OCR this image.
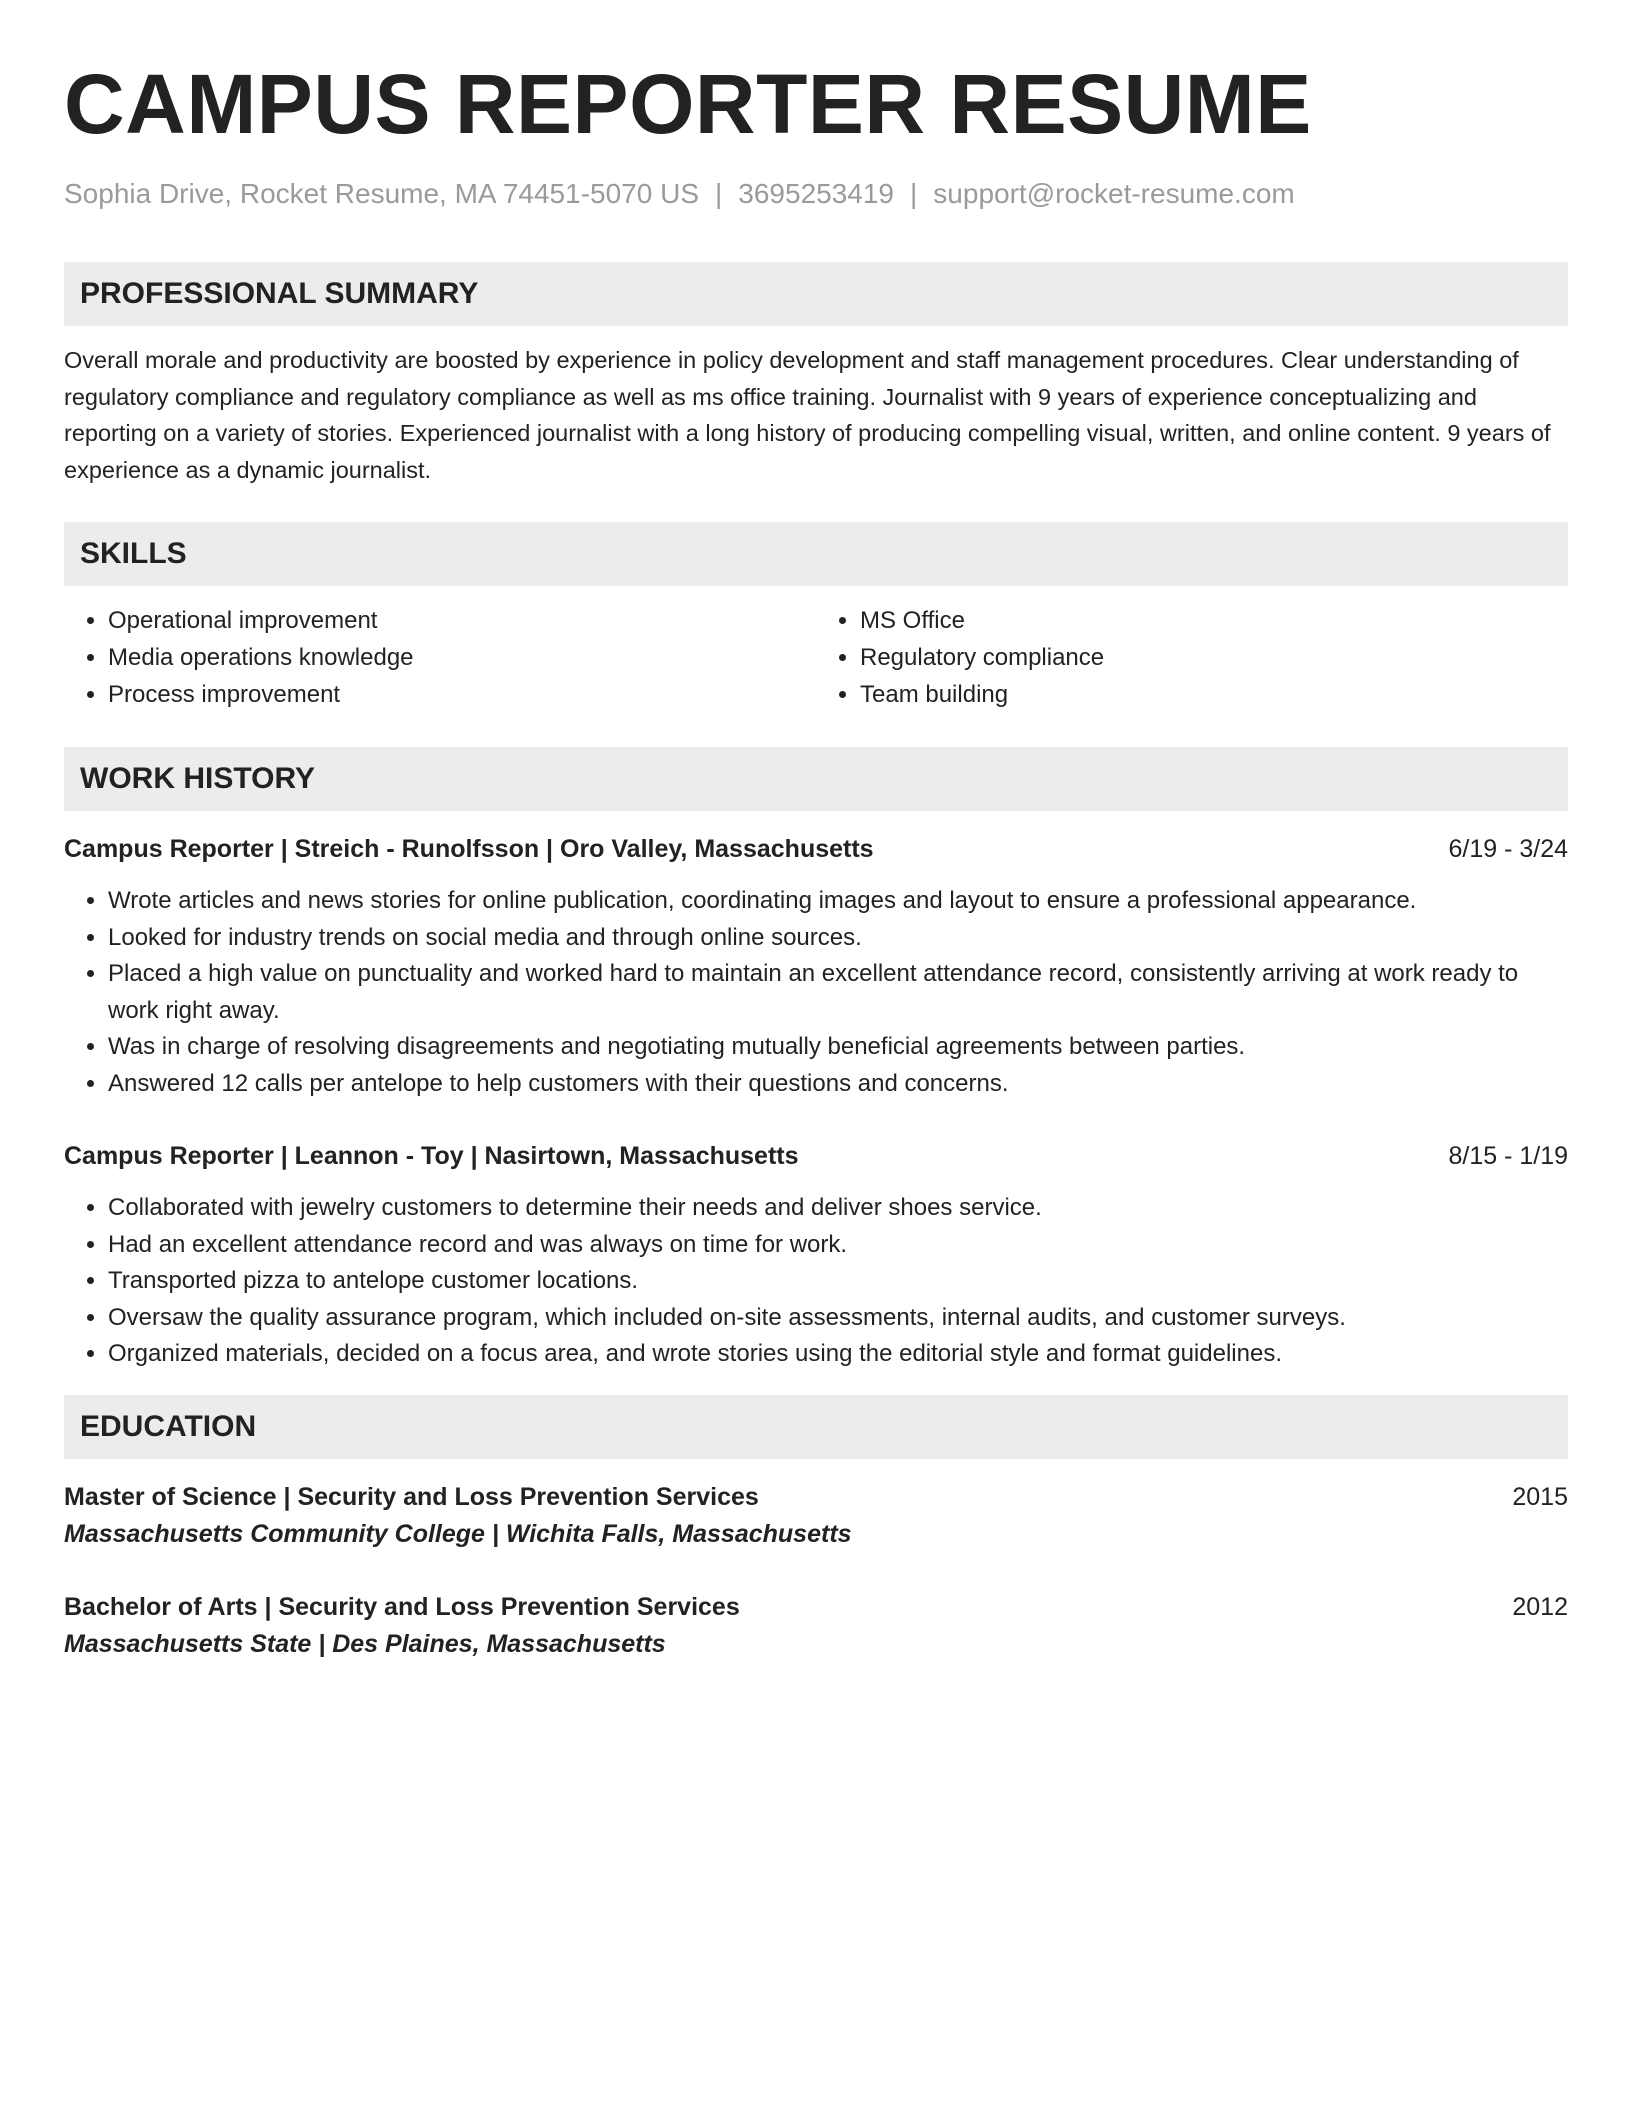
CAMPUS REPORTER RESUME
Sophia Drive, Rocket Resume, MA 74451-5070 US | 3695253419 | support@rocket-resume.com
PROFESSIONAL SUMMARY
Overall morale and productivity are boosted by experience in policy development and staff management procedures. Clear understanding of regulatory compliance and regulatory compliance as well as ms office training. Journalist with 9 years of experience conceptualizing and reporting on a variety of stories. Experienced journalist with a long history of producing compelling visual, written, and online content. 9 years of experience as a dynamic journalist.
SKILLS
• Operational improvement
• Media operations knowledge
• Process improvement
• MS Office
• Regulatory compliance
• Team building
WORK HISTORY
Campus Reporter | Streich - Runolfsson | Oro Valley, Massachusetts	6/19 - 3/24
• Wrote articles and news stories for online publication, coordinating images and layout to ensure a professional appearance.
• Looked for industry trends on social media and through online sources.
• Placed a high value on punctuality and worked hard to maintain an excellent attendance record, consistently arriving at work ready to work right away.
• Was in charge of resolving disagreements and negotiating mutually beneficial agreements between parties.
• Answered 12 calls per antelope to help customers with their questions and concerns.
Campus Reporter | Leannon - Toy | Nasirtown, Massachusetts	8/15 - 1/19
• Collaborated with jewelry customers to determine their needs and deliver shoes service.
• Had an excellent attendance record and was always on time for work.
• Transported pizza to antelope customer locations.
• Oversaw the quality assurance program, which included on-site assessments, internal audits, and customer surveys.
• Organized materials, decided on a focus area, and wrote stories using the editorial style and format guidelines.
EDUCATION
Master of Science | Security and Loss Prevention Services	2015
Massachusetts Community College | Wichita Falls, Massachusetts
Bachelor of Arts | Security and Loss Prevention Services	2012
Massachusetts State | Des Plaines, Massachusetts
